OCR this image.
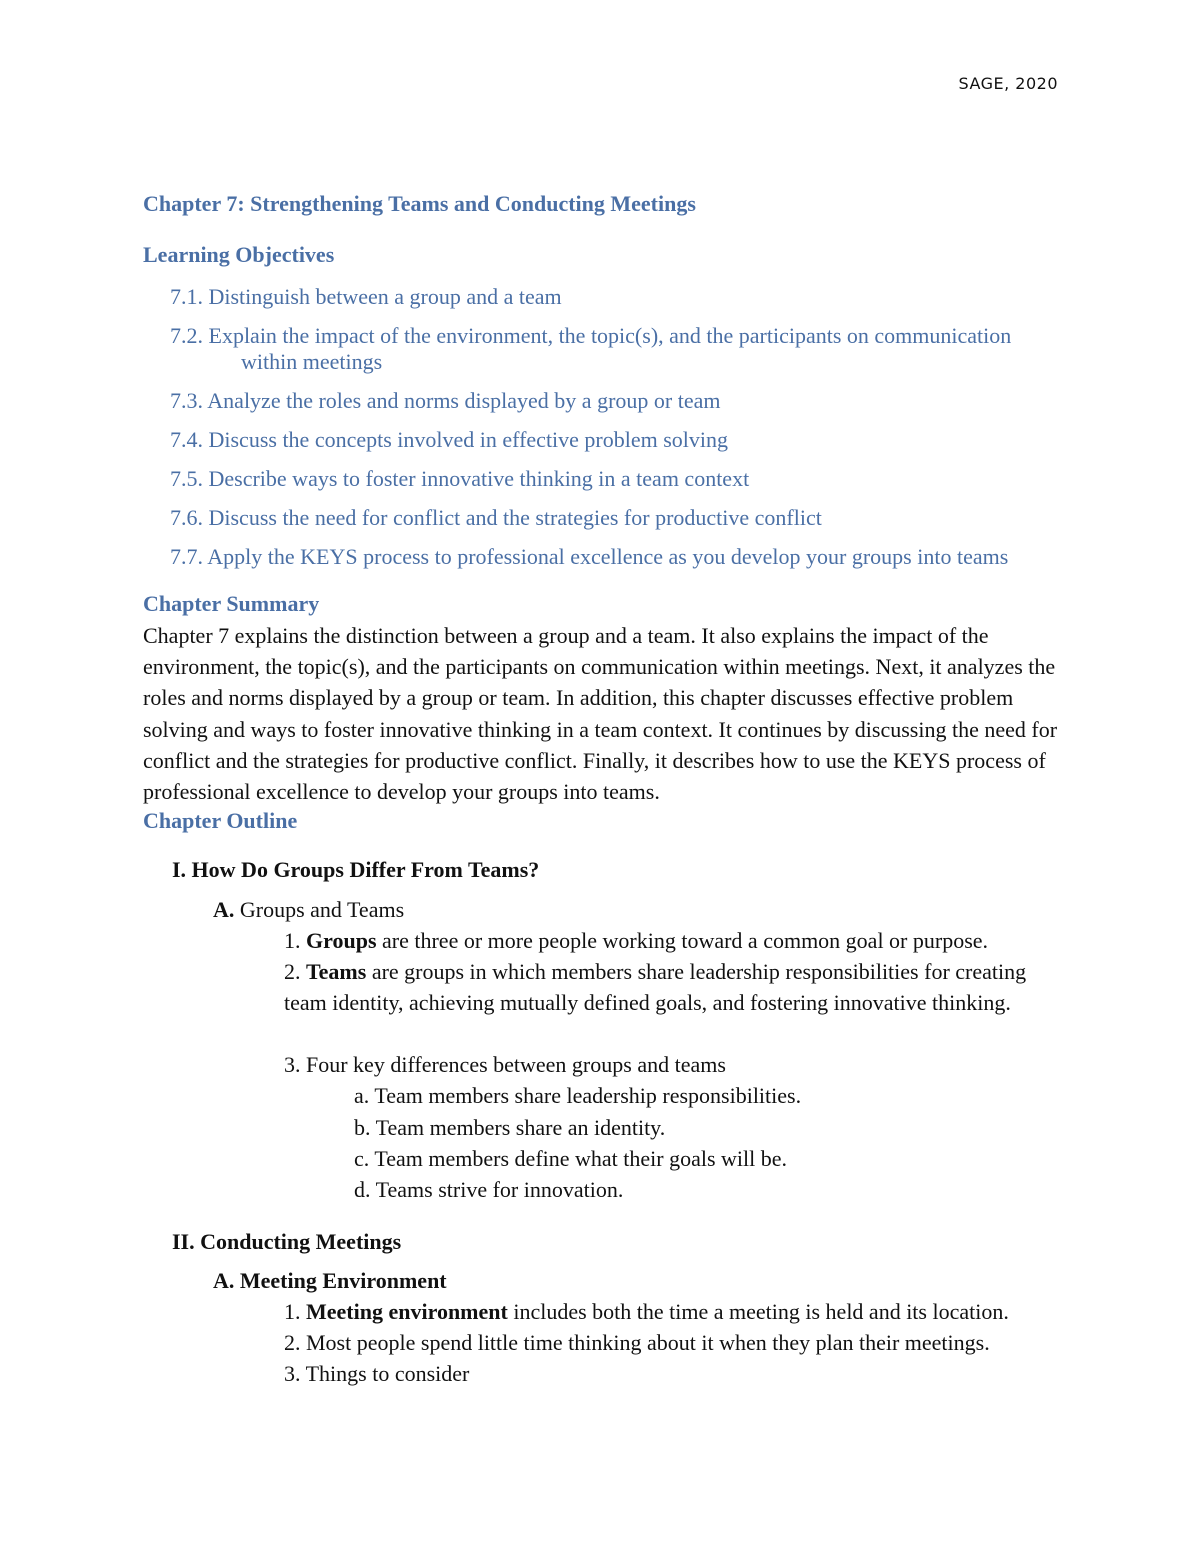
SAGE, 2020
Chapter 7: Strengthening Teams and Conducting Meetings
Learning Objectives
7.1. Distinguish between a group and a team
7.2. Explain the impact of the environment, the topic(s), and the participants on communication within meetings
7.3. Analyze the roles and norms displayed by a group or team
7.4. Discuss the concepts involved in effective problem solving
7.5. Describe ways to foster innovative thinking in a team context
7.6. Discuss the need for conflict and the strategies for productive conflict
7.7. Apply the KEYS process to professional excellence as you develop your groups into teams
Chapter Summary
Chapter 7 explains the distinction between a group and a team. It also explains the impact of the environment, the topic(s), and the participants on communication within meetings. Next, it analyzes the roles and norms displayed by a group or team. In addition, this chapter discusses effective problem solving and ways to foster innovative thinking in a team context. It continues by discussing the need for conflict and the strategies for productive conflict. Finally, it describes how to use the KEYS process of professional excellence to develop your groups into teams.
Chapter Outline
I. How Do Groups Differ From Teams?
A. Groups and Teams
1. Groups are three or more people working toward a common goal or purpose.
2. Teams are groups in which members share leadership responsibilities for creating team identity, achieving mutually defined goals, and fostering innovative thinking.
3. Four key differences between groups and teams
a. Team members share leadership responsibilities.
b. Team members share an identity.
c. Team members define what their goals will be.
d. Teams strive for innovation.
II. Conducting Meetings
A. Meeting Environment
1. Meeting environment includes both the time a meeting is held and its location.
2. Most people spend little time thinking about it when they plan their meetings.
3. Things to consider
